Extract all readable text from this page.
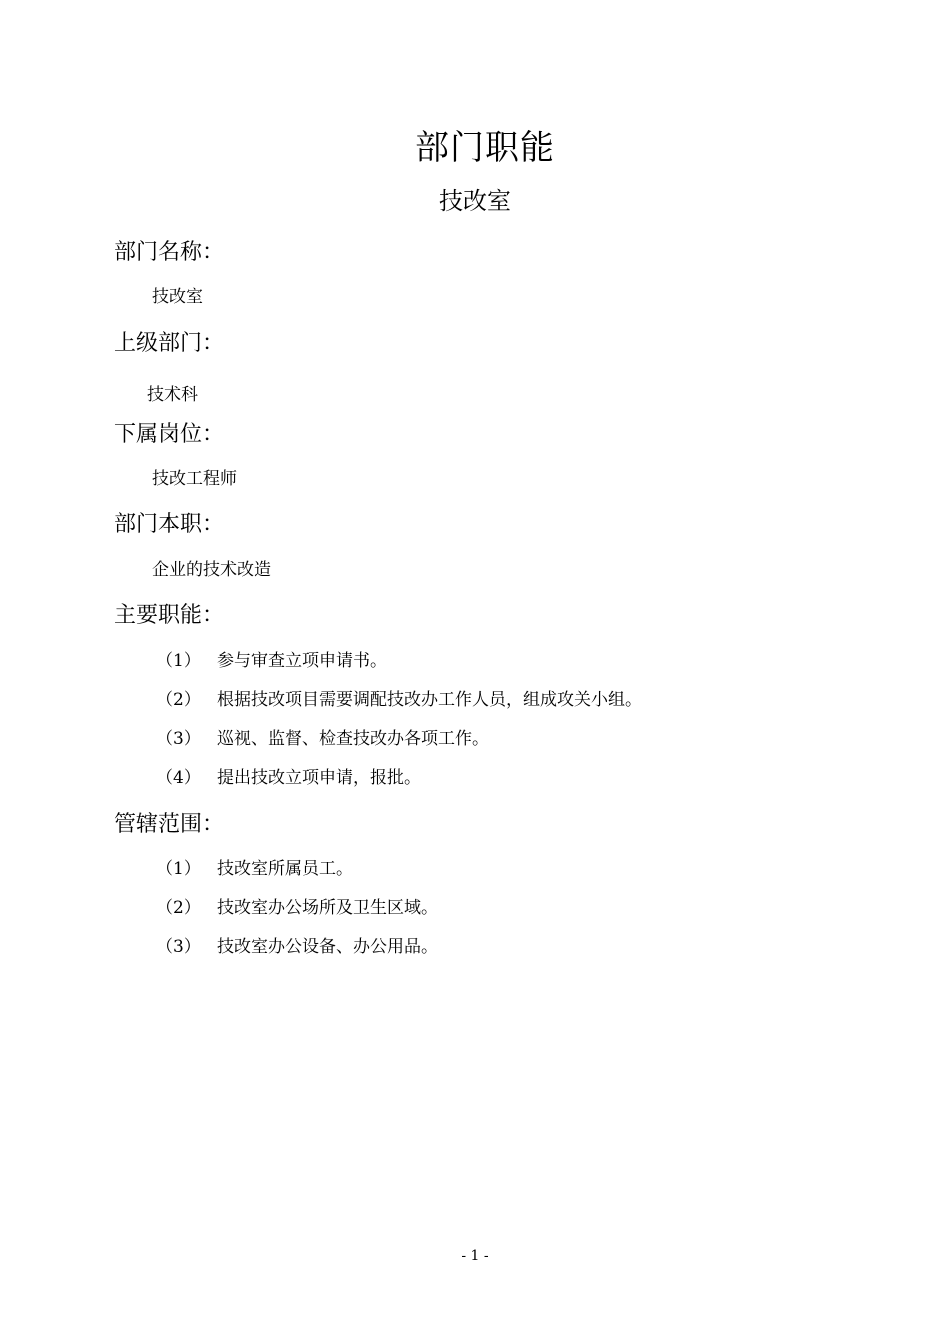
部门职能
技改室
部门名称：
技改室
上级部门：
技术科
下属岗位：
技改工程师
部门本职：
企业的技术改造
主要职能：
（1） 参与审查立项申请书。
（2） 根据技改项目需要调配技改办工作人员，组成攻关小组。
（3） 巡视、监督、检查技改办各项工作。
（4） 提出技改立项申请，报批。
管辖范围：
（1） 技改室所属员工。
（2） 技改室办公场所及卫生区域。
（3） 技改室办公设备、办公用品。
- 1 -
